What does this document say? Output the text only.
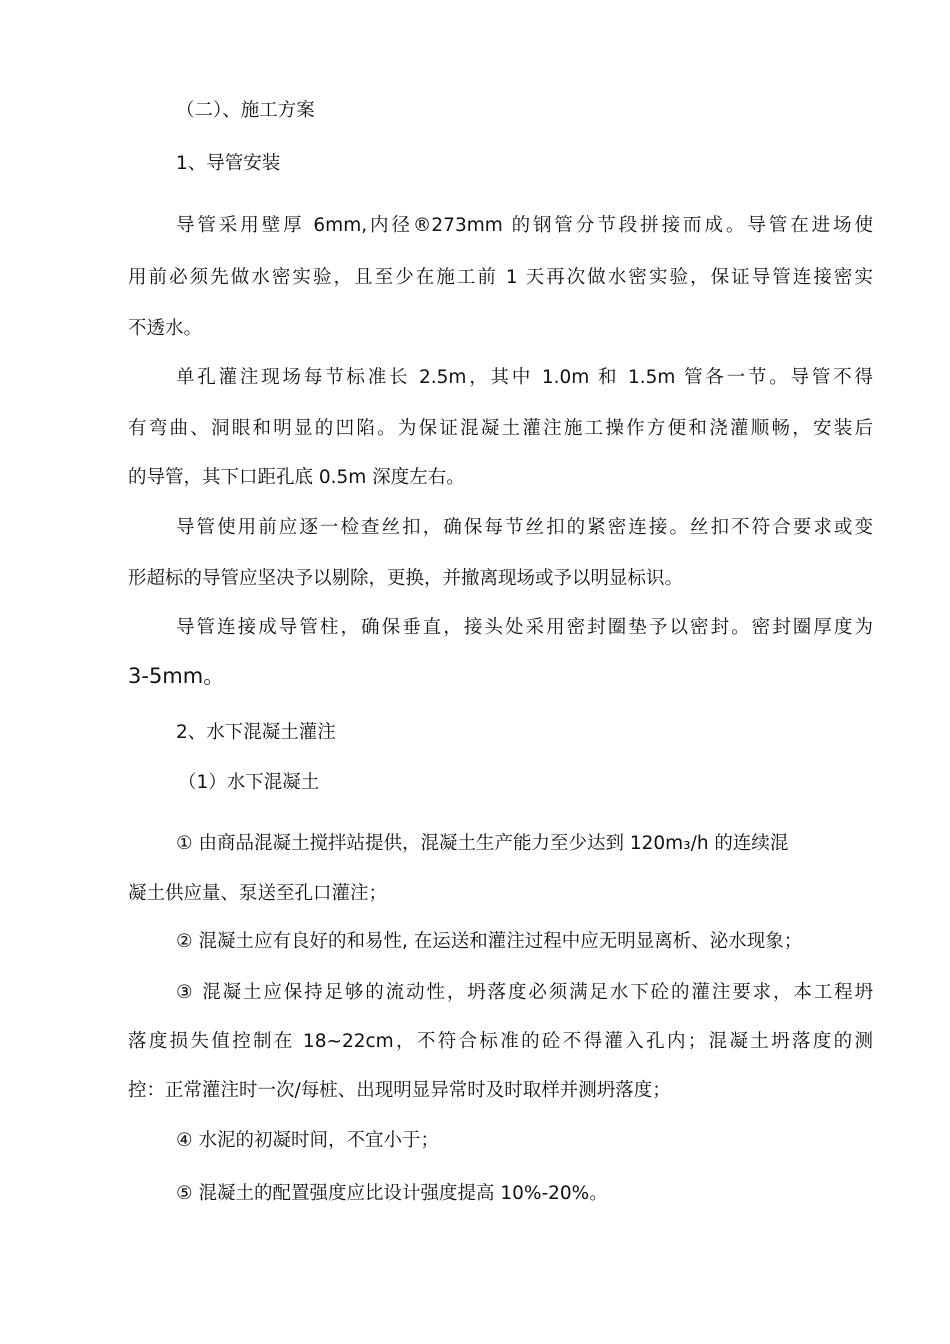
（二）、施工方案
1、导管安装
导管采用壁厚 6mm,内径®273mm 的钢管分节段拼接而成。导管在进场使
用前必须先做水密实验，且至少在施工前 1 天再次做水密实验，保证导管连接密实
不透水。
单孔灌注现场每节标准长 2.5m，其中 1.0m 和 1.5m 管各一节。导管不得
有弯曲、洞眼和明显的凹陷。为保证混凝土灌注施工操作方便和浇灌顺畅，安装后
的导管，其下口距孔底 0.5m 深度左右。
导管使用前应逐一检查丝扣，确保每节丝扣的紧密连接。丝扣不符合要求或变
形超标的导管应坚决予以剔除，更换，并撤离现场或予以明显标识。
导管连接成导管柱，确保垂直，接头处采用密封圈垫予以密封。密封圈厚度为
3-5mm。
2、水下混凝土灌注
（1）水下混凝土
① 由商品混凝土搅拌站提供，混凝土生产能力至少达到 120m₃/h 的连续混
凝土供应量、泵送至孔口灌注；
② 混凝土应有良好的和易性, 在运送和灌注过程中应无明显离析、泌水现象；
③ 混凝土应保持足够的流动性，坍落度必须满足水下砼的灌注要求，本工程坍
落度损失值控制在 18~22cm，不符合标准的砼不得灌入孔内；混凝土坍落度的测
控：正常灌注时一次/每桩、出现明显异常时及时取样并测坍落度；
④ 水泥的初凝时间，不宜小于；
⑤ 混凝土的配置强度应比设计强度提高 10%-20%。
